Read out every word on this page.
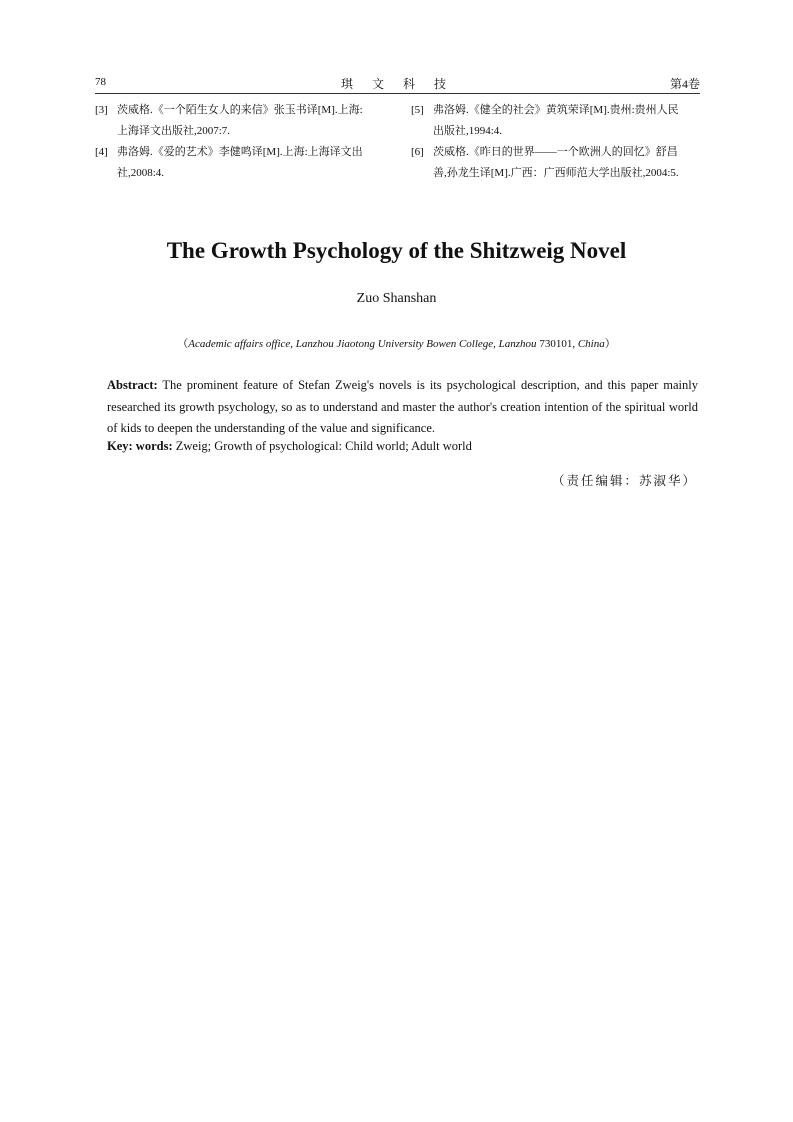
78	琪 文 科 技	第4卷
[3] 茨威格.《一个陌生女人的来信》张玉书译[M].上海:
上海译文出版社,2007:7.
[4] 弗洛姆.《爱的艺术》李健鸣译[M].上海:上海译文出
社,2008:4.
[5] 弗洛姆.《健全的社会》黄筑荣译[M].贵州:贵州人民
出版社,1994:4.
[6] 茨威格.《昨日的世界——一个欧洲人的回忆》舒昌
善,孙龙生译[M].广西：广西师范大学出版社,2004:5.
The Growth Psychology of the Shitzweig Novel
Zuo Shanshan
（Academic affairs office, Lanzhou Jiaotong University Bowen College, Lanzhou 730101, China）
Abstract: The prominent feature of Stefan Zweig's novels is its psychological description, and this paper mainly researched its growth psychology, so as to understand and master the author's creation intention of the spiritual world of kids to deepen the understanding of the value and significance.
Key: words: Zweig; Growth of psychological: Child world; Adult world
（责任编辑：苏淑华）
